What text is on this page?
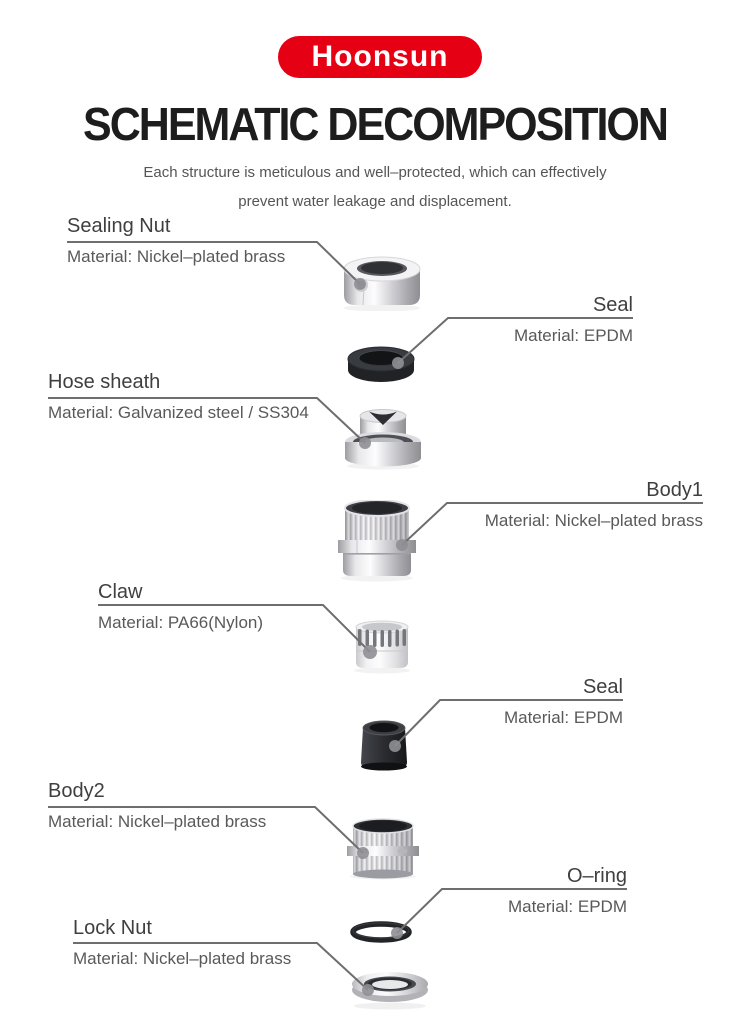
Hoonsun
SCHEMATIC DECOMPOSITION
Each structure is meticulous and well–protected, which can effectively
prevent water leakage and displacement.
Sealing Nut
Material: Nickel–plated brass
Seal
Material: EPDM
Hose sheath
Material: Galvanized steel / SS304
Body1
Material: Nickel–plated brass
Claw
Material: PA66(Nylon)
Seal
Material: EPDM
Body2
Material: Nickel–plated brass
O–ring
Material: EPDM
Lock Nut
Material: Nickel–plated brass
